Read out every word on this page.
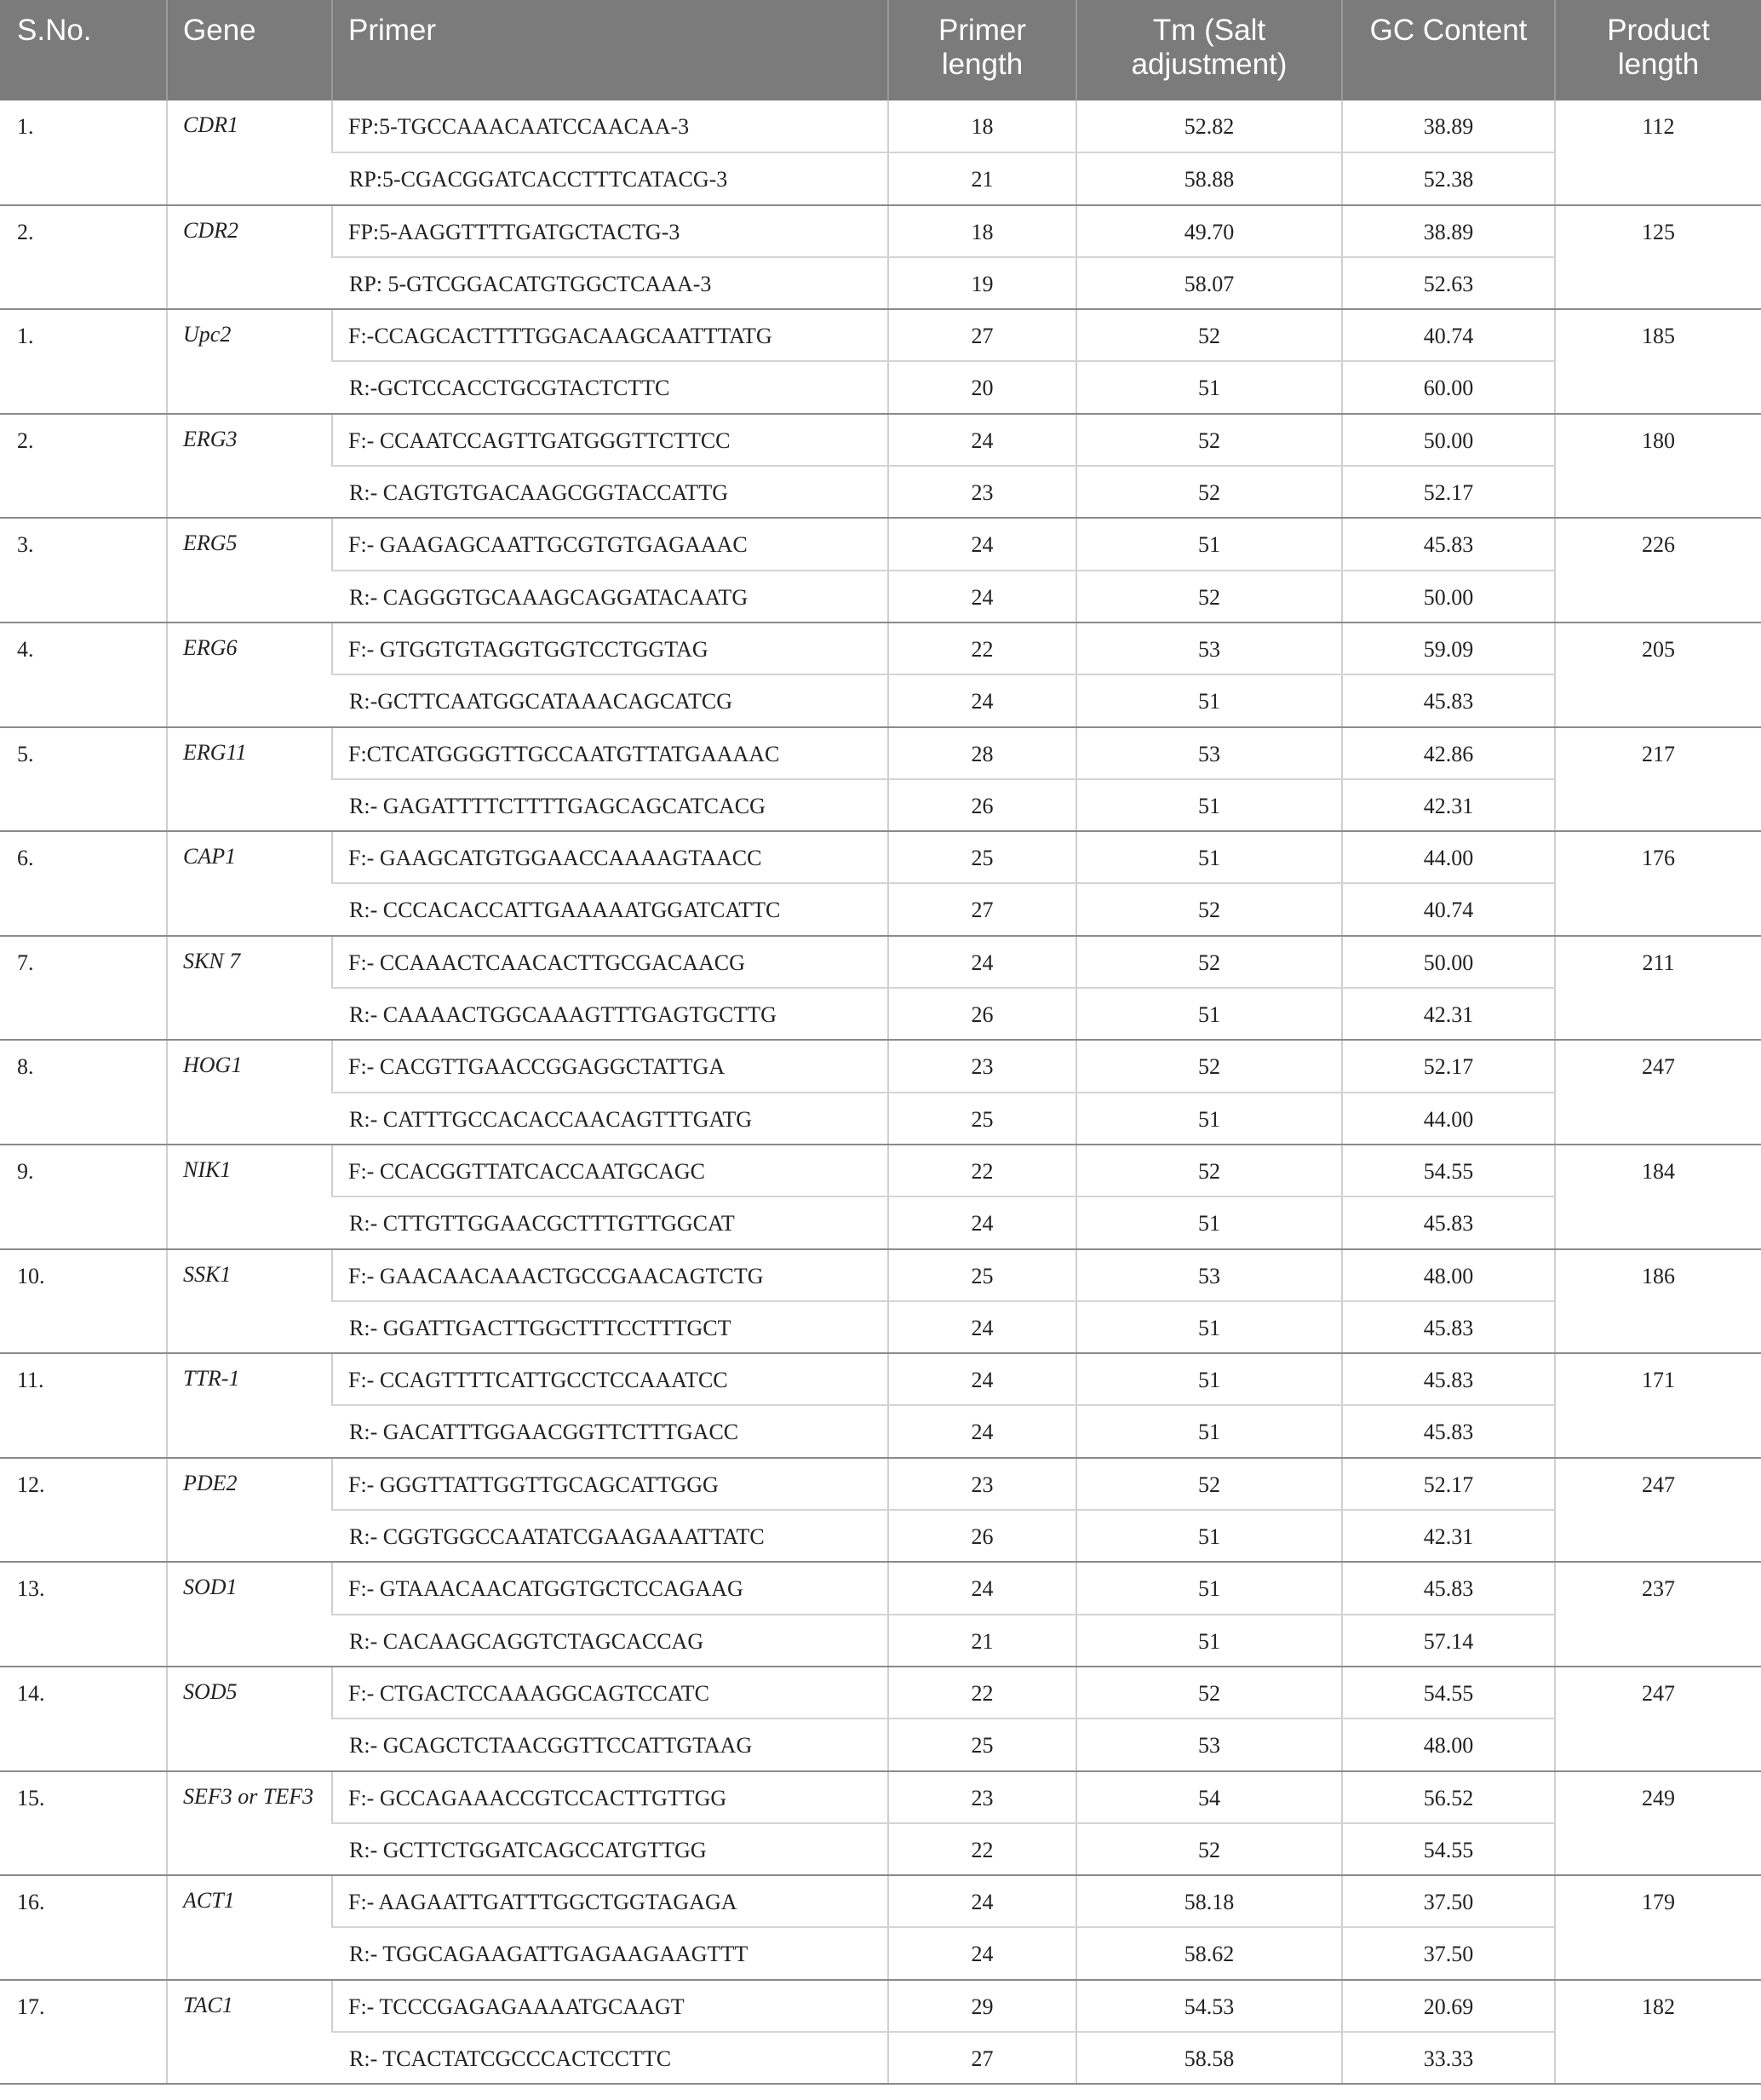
S.No.	Gene	Primer	Primer length	Tm (Salt adjustment)	GC Content	Product length
1.	CDR1	FP:5-TGCCAAACAATCCAACAA-3	18	52.82	38.89	112
		RP:5-CGACGGATCACCTTTCATACG-3	21	58.88	52.38	
2.	CDR2	FP:5-AAGGTTTTGATGCTACTG-3	18	49.70	38.89	125
		RP: 5-GTCGGACATGTGGCTCAAA-3	19	58.07	52.63	
1.	Upc2	F:-CCAGCACTTTTGGACAAGCAATTTATG	27	52	40.74	185
		R:-GCTCCACCTGCGTACTCTTC	20	51	60.00	
2.	ERG3	F:- CCAATCCAGTTGATGGGTTCTTCC	24	52	50.00	180
		R:- CAGTGTGACAAGCGGTACCATTG	23	52	52.17	
3.	ERG5	F:- GAAGAGCAATTGCGTGTGAGAAAC	24	51	45.83	226
		R:- CAGGGTGCAAAGCAGGATACAATG	24	52	50.00	
4.	ERG6	F:- GTGGTGTAGGTGGTCCTGGTAG	22	53	59.09	205
		R:-GCTTCAATGGCATAAACAGCATCG	24	51	45.83	
5.	ERG11	F:CTCATGGGGTTGCCAATGTTATGAAAAC	28	53	42.86	217
		R:- GAGATTTTCTTTTGAGCAGCATCACG	26	51	42.31	
6.	CAP1	F:- GAAGCATGTGGAACCAAAAGTAACC	25	51	44.00	176
		R:- CCCACACCATTGAAAAATGGATCATTC	27	52	40.74	
7.	SKN 7	F:- CCAAACTCAACACTTGCGACAACG	24	52	50.00	211
		R:- CAAAACTGGCAAAGTTTGAGTGCTTG	26	51	42.31	
8.	HOG1	F:- CACGTTGAACCGGAGGCTATTGA	23	52	52.17	247
		R:- CATTTGCCACACCAACAGTTTGATG	25	51	44.00	
9.	NIK1	F:- CCACGGTTATCACCAATGCAGC	22	52	54.55	184
		R:- CTTGTTGGAACGCTTTGTTGGCAT	24	51	45.83	
10.	SSK1	F:- GAACAACAAACTGCCGAACAGTCTG	25	53	48.00	186
		R:- GGATTGACTTGGCTTTCCTTTGCT	24	51	45.83	
11.	TTR-1	F:- CCAGTTTTCATTGCCTCCAAATCC	24	51	45.83	171
		R:- GACATTTGGAACGGTTCTTTGACC	24	51	45.83	
12.	PDE2	F:- GGGTTATTGGTTGCAGCATTGGG	23	52	52.17	247
		R:- CGGTGGCCAATATCGAAGAAATTATC	26	51	42.31	
13.	SOD1	F:- GTAAACAACATGGTGCTCCAGAAG	24	51	45.83	237
		R:- CACAAGCAGGTCTAGCACCAG	21	51	57.14	
14.	SOD5	F:- CTGACTCCAAAGGCAGTCCATC	22	52	54.55	247
		R:- GCAGCTCTAACGGTTCCATTGTAAG	25	53	48.00	
15.	SEF3 or TEF3	F:- GCCAGAAACCGTCCACTTGTTGG	23	54	56.52	249
		R:- GCTTCTGGATCAGCCATGTTGG	22	52	54.55	
16.	ACT1	F:- AAGAATTGATTTGGCTGGTAGAGA	24	58.18	37.50	179
		R:- TGGCAGAAGATTGAGAAGAAGTTT	24	58.62	37.50	
17.	TAC1	F:- TCCCGAGAGAAAATGCAAGT	29	54.53	20.69	182
		R:- TCACTATCGCCCACTCCTTC	27	58.58	33.33	
